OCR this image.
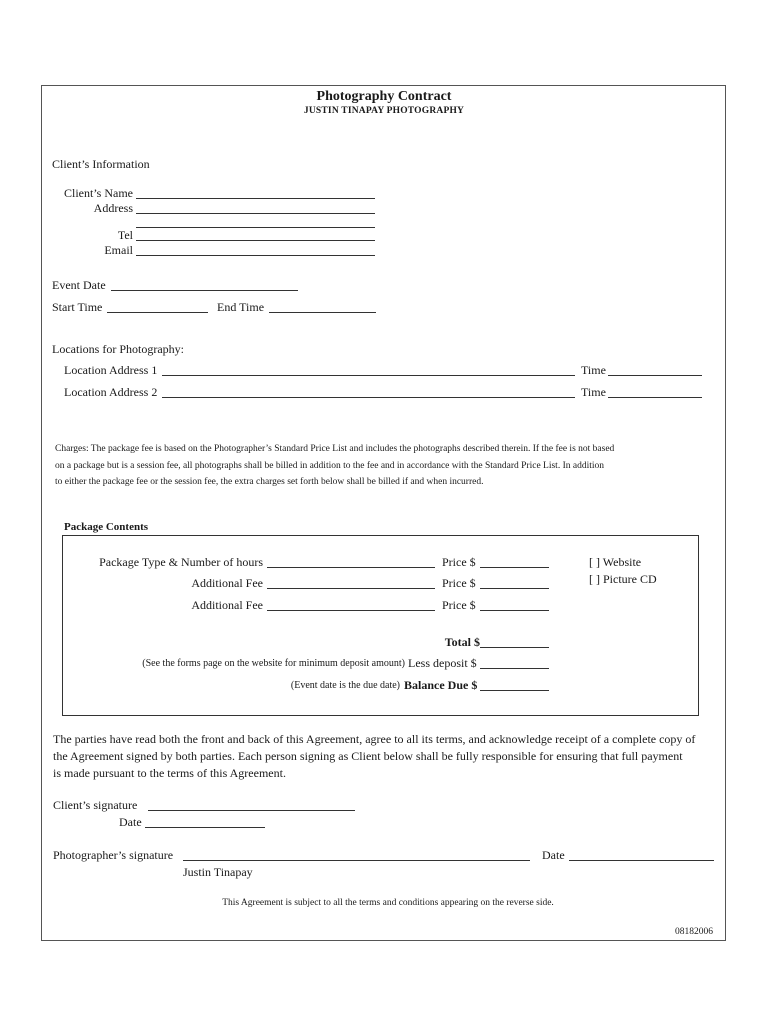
Photography Contract
JUSTIN TINAPAY PHOTOGRAPHY
Client’s Information
Client’s Name
Address
Tel
Email
Event Date
Start Time	End Time
Locations for Photography:
Location Address 1	Time
Location Address 2	Time
Charges: The package fee is based on the Photographer’s Standard Price List and includes the photographs described therein. If the fee is not based
on a package but is a session fee, all photographs shall be billed in addition to the fee and in accordance with the Standard Price List. In addition
to either the package fee or the session fee, the extra charges set forth below shall be billed if and when incurred.
Package Contents
Package Type & Number of hours	Price $
Additional Fee	Price $
Additional Fee	Price $
[ ] Website
[ ] Picture CD
Total $
(See the forms page on the website for minimum deposit amount) Less deposit $
(Event date is the due date) Balance Due $
The parties have read both the front and back of this Agreement, agree to all its terms, and acknowledge receipt of a complete copy of
the Agreement signed by both parties. Each person signing as Client below shall be fully responsible for ensuring that full payment
is made pursuant to the terms of this Agreement.
Client’s signature
Date
Photographer’s signature	Date
Justin Tinapay
This Agreement is subject to all the terms and conditions appearing on the reverse side.
08182006
